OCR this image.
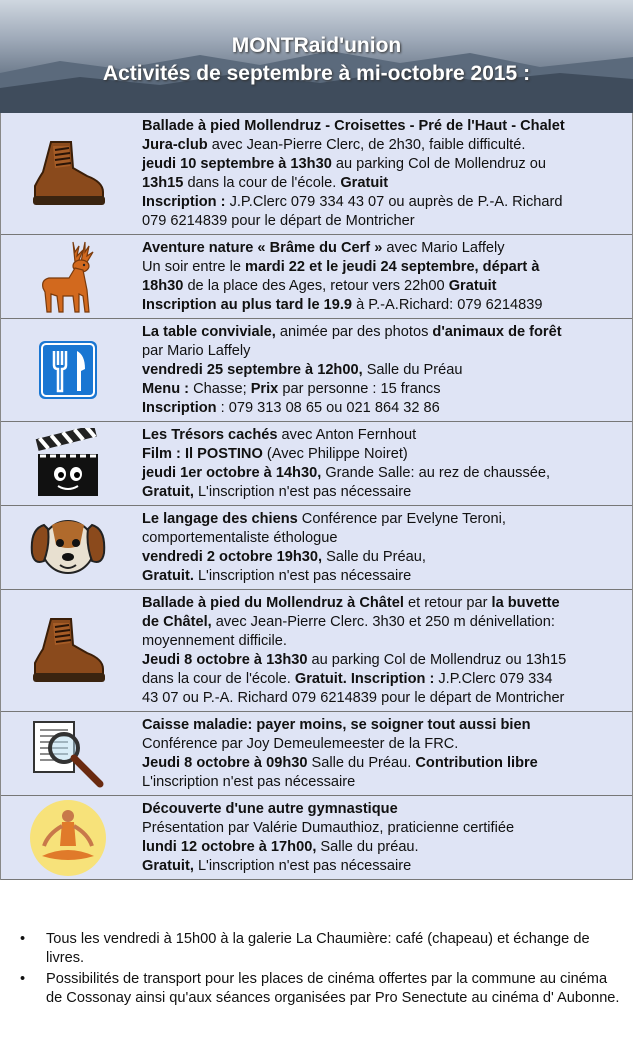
MONTRaid'union
Activités de septembre à mi-octobre 2015 :
Ballade à pied Mollendruz - Croisettes - Pré de l'Haut - Chalet
Jura-club avec Jean-Pierre Clerc, de 2h30, faible difficulté.
jeudi 10 septembre à 13h30 au parking Col de Mollendruz ou
13h15 dans la cour de l'école. Gratuit
Inscription : J.P.Clerc 079 334 43 07 ou auprès de P.-A. Richard
079 6214839 pour le départ de Montricher
Aventure nature « Brâme du Cerf » avec Mario Laffely
Un soir entre le mardi 22 et le jeudi 24 septembre, départ à
18h30 de la place des Ages, retour vers 22h00 Gratuit
Inscription au plus tard le 19.9 à P.-A.Richard: 079 6214839
La table conviviale, animée par des photos d'animaux de forêt
par Mario Laffely
vendredi 25 septembre à 12h00, Salle du Préau
Menu : Chasse; Prix par personne : 15 francs
Inscription : 079 313 08 65 ou 021 864 32 86
Les Trésors cachés avec Anton Fernhout
Film : Il POSTINO (Avec Philippe Noiret)
jeudi 1er octobre à 14h30, Grande Salle: au rez de chaussée,
Gratuit, L'inscription n'est pas nécessaire
Le langage des chiens Conférence par Evelyne Teroni,
comportementaliste éthologue
vendredi 2 octobre 19h30, Salle du Préau,
Gratuit. L'inscription n'est pas nécessaire
Ballade à pied du Mollendruz à Châtel et retour par la buvette
de Châtel, avec Jean-Pierre Clerc. 3h30 et 250 m dénivellation:
moyennement difficile.
Jeudi 8 octobre à 13h30 au parking Col de Mollendruz ou 13h15
dans la cour de l'école. Gratuit. Inscription : J.P.Clerc 079 334
43 07 ou P.-A. Richard 079 6214839 pour le départ de Montricher
Caisse maladie: payer moins, se soigner tout aussi bien
Conférence par Joy Demeulemeester de la FRC.
Jeudi 8 octobre à 09h30 Salle du Préau. Contribution libre
L'inscription n'est pas nécessaire
Découverte d'une autre gymnastique
Présentation par Valérie Dumauthioz, praticienne certifiée
lundi 12 octobre à 17h00, Salle du préau.
Gratuit, L'inscription n'est pas nécessaire
• Tous les vendredi à 15h00 à la galerie La Chaumière: café (chapeau) et échange de livres.
• Possibilités de transport pour les places de cinéma offertes par la commune au cinéma de Cossonay ainsi qu'aux séances organisées par Pro Senectute au cinéma d' Aubonne.
